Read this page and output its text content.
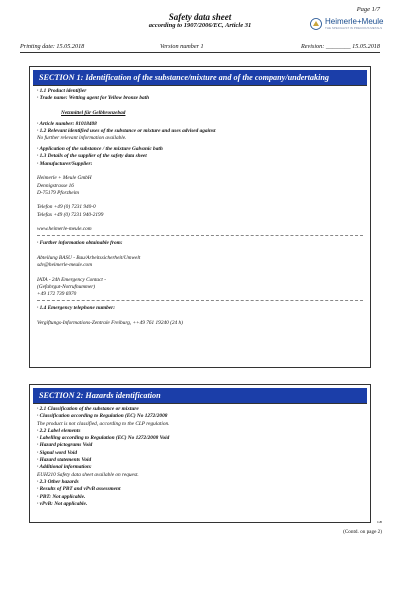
Page 1/7
Safety data sheet
according to 1907/2006/EC, Article 31	Heimerle+Meule
THE SPECIALIST IN PRECIOUS METALS
Printing date: 15.05.2018	Version number 1	Revision: ________ 15.05.2018
SECTION 1: Identification of the substance/mixture and of the company/undertaking
· 1.1 Product identifier
· Trade name: Wetting agent for Yellow bronze bath
Netzmittel für Gelbbronzebad
· Article number: 81018408
· 1.2 Relevant identified uses of the substance or mixture and uses advised against
No further relevant information available.
· Application of the substance / the mixture Galvanic bath
· 1.3 Details of the supplier of the safety data sheet
· Manufacturer/Supplier:
Heimerle + Meule GmbH
Dennigstrasse 16
D-75179 Pforzheim
Telefon +49 (0) 7231 940-0
Telefax +49 (0) 7231 940-2199
www.heimerle-meule.com
· Further information obtainable from:
Abteilung BASU - Bau/Arbeitssicherheit/Umwelt
sdv@heimerle-meule.com
IATA - 24h Emergency Contact -
(Gefahrgut-Notrufnummer)
+49 172 739 6970
· 1.4 Emergency telephone number:
Vergiftungs-Informations-Zentrale Freiburg, ++49 761 19240 (24 h)
SECTION 2: Hazards identification
· 2.1 Classification of the substance or mixture
· Classification according to Regulation (EC) No 1272/2008
The product is not classified, according to the CLP regulation.
· 2.2 Label elements
· Labelling according to Regulation (EC) No 1272/2008 Void
· Hazard pictograms Void
· Signal word Void
· Hazard statements Void
· Additional information:
EUH210 Safety data sheet available on request.
· 2.3 Other hazards
· Results of PBT and vPvB assessment
· PBT: Not applicable.
· vPvB: Not applicable.
GB
(Contd. on page 2)
